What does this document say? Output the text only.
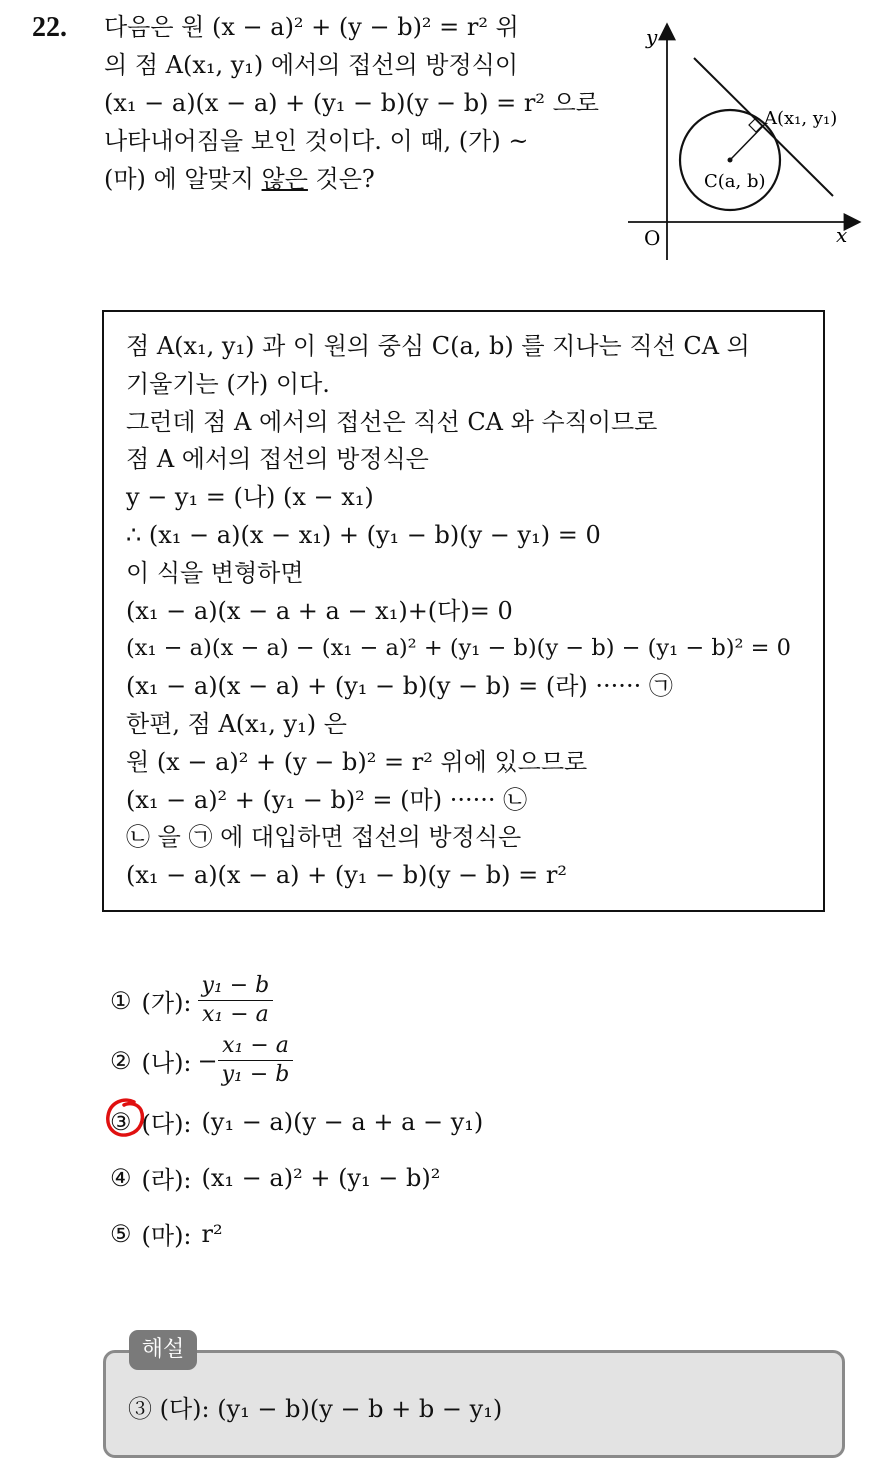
22. 다음은 원 (x − a)² + (y − b)² = r² 위
의 점 A(x₁, y₁) 에서의 접선의 방정식이
(x₁ − a)(x − a) + (y₁ − b)(y − b) = r² 으로
나타내어짐을 보인 것이다. 이 때, (가) ~
(마) 에 알맞지 않은 것은?
y
x
O
A(x₁, y₁)
C(a, b)
점 A(x₁, y₁) 과 이 원의 중심 C(a, b) 를 지나는 직선 CA 의
기울기는 (가) 이다.
그런데 점 A 에서의 접선은 직선 CA 와 수직이므로
점 A 에서의 접선의 방정식은
y − y₁ = (나) (x − x₁)
∴ (x₁ − a)(x − x₁) + (y₁ − b)(y − y₁) = 0
이 식을 변형하면
(x₁ − a)(x − a + a − x₁)+(다)= 0
(x₁ − a)(x − a) − (x₁ − a)² + (y₁ − b)(y − b) − (y₁ − b)² = 0
(x₁ − a)(x − a) + (y₁ − b)(y − b) = (라) ······ ㉠
한편, 점 A(x₁, y₁) 은
원 (x − a)² + (y − b)² = r² 위에 있으므로
(x₁ − a)² + (y₁ − b)² = (마) ······ ㉡
㉡ 을 ㉠ 에 대입하면 접선의 방정식은
(x₁ − a)(x − a) + (y₁ − b)(y − b) = r²
① (가): $\frac{\text{y₁ − b}}{\text{x₁ − a}}$
② (나): − $\frac{\text{x₁ − a}}{\text{y₁ − b}}$
③ (다): (y₁ − a)(y − a + a − y₁)
④ (라): (x₁ − a)² + (y₁ − b)²
⑤ (마): r²
③ (다): (y₁ − b)(y − b + b − y₁)
해설
